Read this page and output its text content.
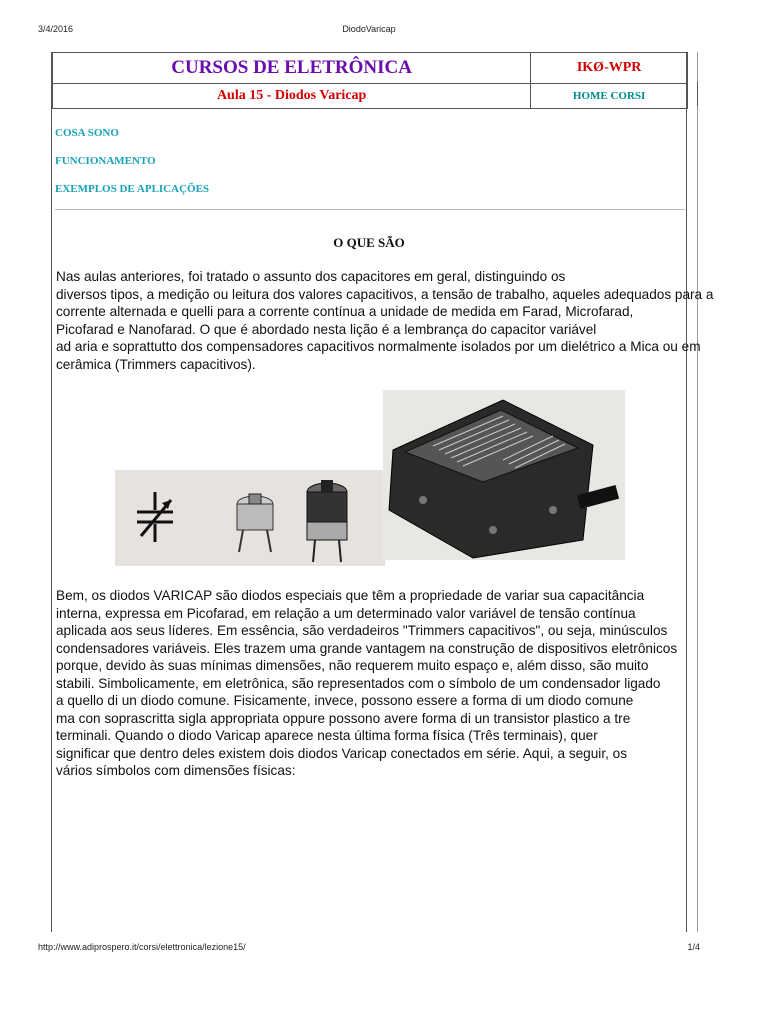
3/4/2016	DiodoVaricap
CURSOS DE ELETRÔNICA	IKØ-WPR
Aula 15 - Diodos Varicap	HOME CORSI
COSA SONO
FUNCIONAMENTO
EXEMPLOS DE APLICAÇÕES
O QUE SÃO
Nas aulas anteriores, foi tratado o assunto dos capacitores em geral, distinguindo os
diversos tipos, a medição ou leitura dos valores capacitivos, a tensão de trabalho, aqueles adequados para a
corrente alternada e quelli para a corrente contínua a unidade de medida em Farad, Microfarad,
Picofarad e Nanofarad. O que é abordado nesta lição é a lembrança do capacitor variável
ad aria e soprattutto dos compensadores capacitivos normalmente isolados por um dielétrico a Mica ou em
cerâmica (Trimmers capacitivos).
Bem, os diodos VARICAP são diodos especiais que têm a propriedade de variar sua capacitância
interna, expressa em Picofarad, em relação a um determinado valor variável de tensão contínua
aplicada aos seus líderes. Em essência, são verdadeiros "Trimmers capacitivos", ou seja, minúsculos
condensadores variáveis. Eles trazem uma grande vantagem na construção de dispositivos eletrônicos
porque, devido às suas mínimas dimensões, não requerem muito espaço e, além disso, são muito
stabili. Simbolicamente, em eletrônica, são representados com o símbolo de um condensador ligado
a quello di un diodo comune. Fisicamente, invece, possono essere a forma di um diodo comune
ma con soprascritta sigla appropriata oppure possono avere forma di un transistor plastico a tre
terminali. Quando o diodo Varicap aparece nesta última forma física (Três terminais), quer
significar que dentro deles existem dois diodos Varicap conectados em série. Aqui, a seguir, os
vários símbolos com dimensões físicas:
http://www.adiprospero.it/corsi/elettronica/lezione15/	1/4
